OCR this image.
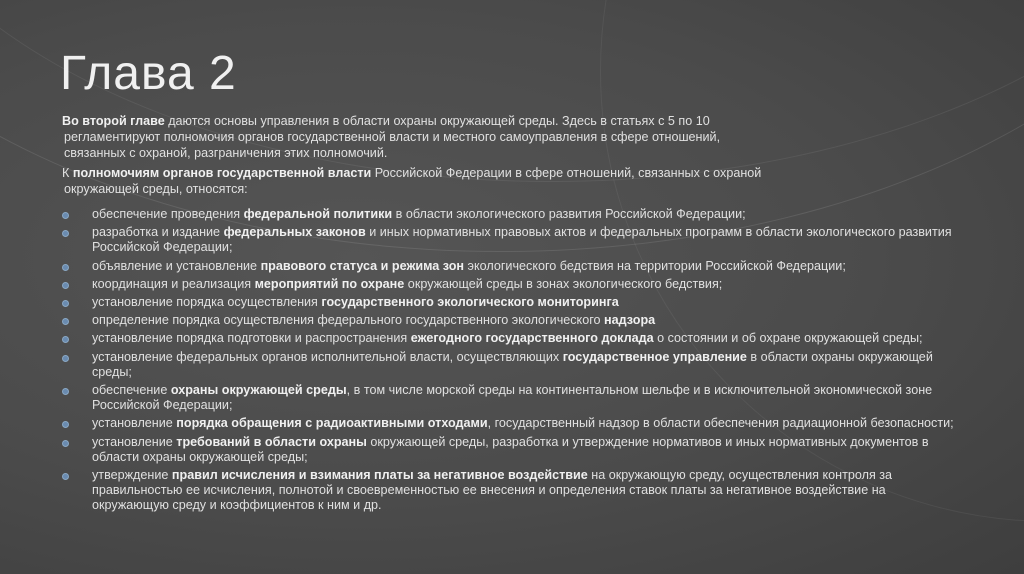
Глава 2

Во второй главе даются основы управления в области охраны окружающей среды. Здесь в статьях с 5 по 10

регламентируют полномочия органов государственной власти и местного самоуправления в сфере отношений,

связанных с охраной, разграничения этих полномочий.

К полномочиям органов государственной власти Российской Федерации в сфере отношений, связанных с охраной

окружающей среды, относятся:

обеспечение проведения федеральной политики в области экологического развития Российской Федерации;
разработка и издание федеральных законов и иных нормативных правовых актов и федеральных программ в области экологического развития Российской Федерации;
объявление и установление правового статуса и режима зон экологического бедствия на территории Российской Федерации;
координация и реализация мероприятий по охране окружающей среды в зонах экологического бедствия;
установление порядка осуществления государственного экологического мониторинга
определение порядка осуществления федерального государственного экологического надзора
установление порядка подготовки и распространения ежегодного государственного доклада о состоянии и об охране окружающей среды;
установление федеральных органов исполнительной власти, осуществляющих государственное управление в области охраны окружающей среды;
обеспечение охраны окружающей среды, в том числе морской среды на континентальном шельфе и в исключительной экономической зоне Российской Федерации;
установление порядка обращения с радиоактивными отходами, государственный надзор в области обеспечения радиационной безопасности;
установление требований в области охраны окружающей среды, разработка и утверждение нормативов и иных нормативных документов в области охраны окружающей среды;
утверждение правил исчисления и взимания платы за негативное воздействие на окружающую среду, осуществления контроля за правильностью ее исчисления, полнотой и своевременностью ее внесения и определения ставок платы за негативное воздействие на окружающую среду и коэффициентов к ним и др.
